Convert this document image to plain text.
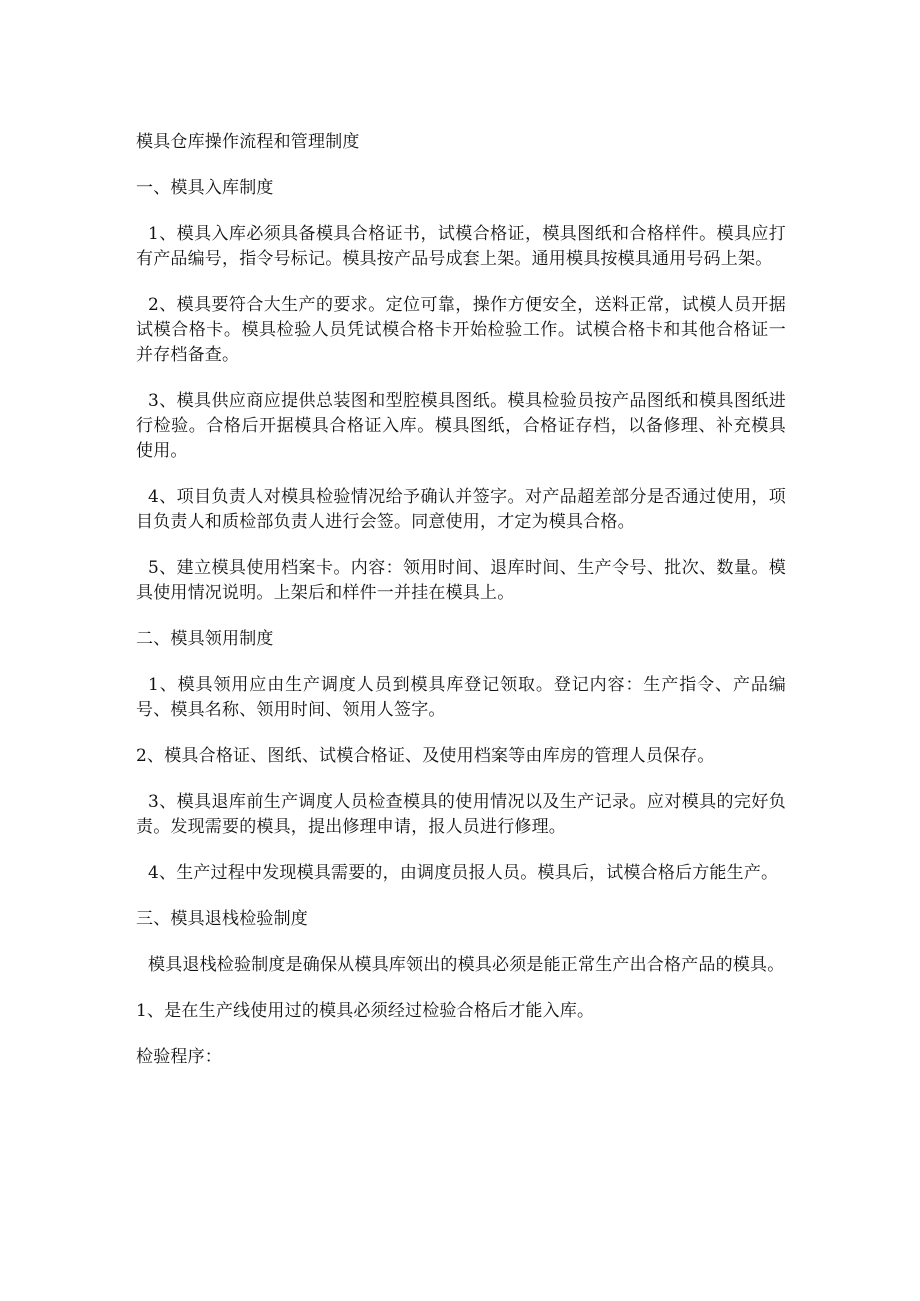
模具仓库操作流程和管理制度

一、模具入库制度

1、模具入库必须具备模具合格证书，试模合格证，模具图纸和合格样件。模具应打有产品编号，指令号标记。模具按产品号成套上架。通用模具按模具通用号码上架。

2、模具要符合大生产的要求。定位可靠，操作方便安全，送料正常，试模人员开据试模合格卡。模具检验人员凭试模合格卡开始检验工作。试模合格卡和其他合格证一并存档备查。

3、模具供应商应提供总装图和型腔模具图纸。模具检验员按产品图纸和模具图纸进行检验。合格后开据模具合格证入库。模具图纸，合格证存档，以备修理、补充模具使用。

4、项目负责人对模具检验情况给予确认并签字。对产品超差部分是否通过使用，项目负责人和质检部负责人进行会签。同意使用，才定为模具合格。

5、建立模具使用档案卡。内容：领用时间、退库时间、生产令号、批次、数量。模具使用情况说明。上架后和样件一并挂在模具上。

二、模具领用制度

1、模具领用应由生产调度人员到模具库登记领取。登记内容：生产指令、产品编号、模具名称、领用时间、领用人签字。

2、模具合格证、图纸、试模合格证、及使用档案等由库房的管理人员保存。

3、模具退库前生产调度人员检查模具的使用情况以及生产记录。应对模具的完好负责。发现需要的模具，提出修理申请，报人员进行修理。

4、生产过程中发现模具需要的，由调度员报人员。模具后，试模合格后方能生产。

三、模具退栈检验制度

模具退栈检验制度是确保从模具库领出的模具必须是能正常生产出合格产品的模具。

1、是在生产线使用过的模具必须经过检验合格后才能入库。

检验程序：
